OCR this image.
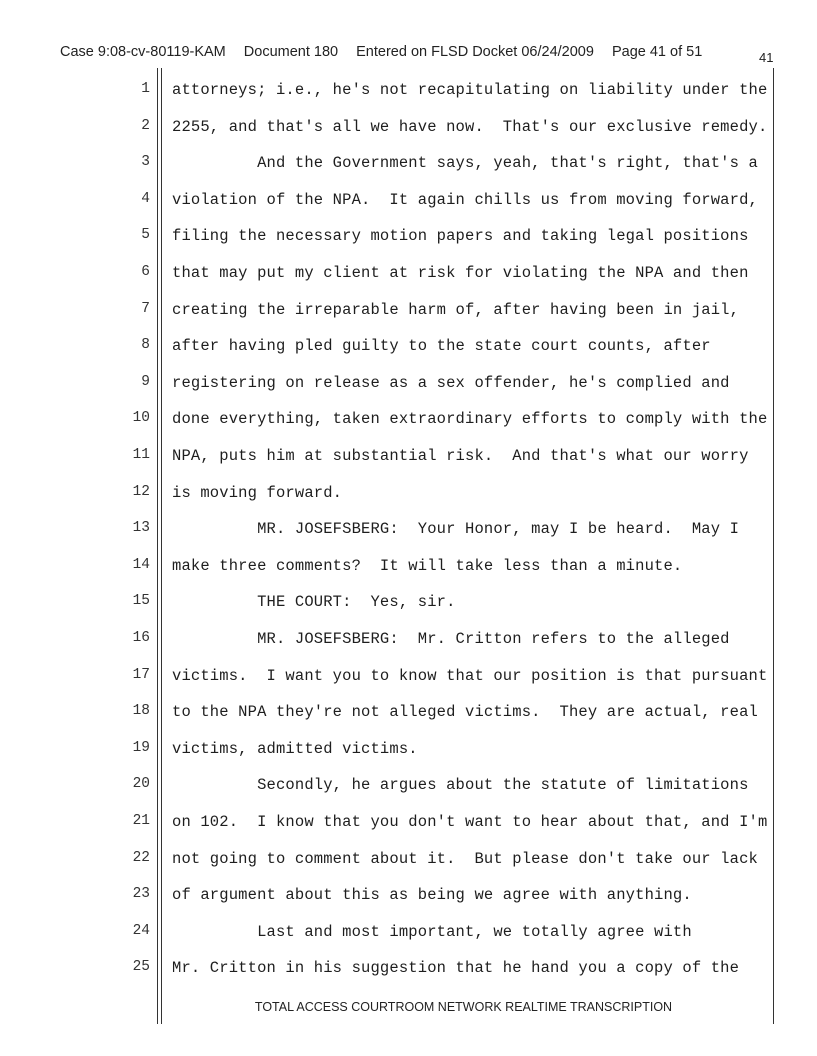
Case 9:08-cv-80119-KAM Document 180 Entered on FLSD Docket 06/24/2009 Page 41 of 51	41
1 attorneys; i.e., he's not recapitulating on liability under the
2 2255, and that's all we have now.  That's our exclusive remedy.
3 And the Government says, yeah, that's right, that's a
4 violation of the NPA.  It again chills us from moving forward,
5 filing the necessary motion papers and taking legal positions
6 that may put my client at risk for violating the NPA and then
7 creating the irreparable harm of, after having been in jail,
8 after having pled guilty to the state court counts, after
9 registering on release as a sex offender, he's complied and
10 done everything, taken extraordinary efforts to comply with the
11 NPA, puts him at substantial risk.  And that's what our worry
12 is moving forward.
13 MR. JOSEFSBERG:  Your Honor, may I be heard.  May I
14 make three comments?  It will take less than a minute.
15 THE COURT:  Yes, sir.
16 MR. JOSEFSBERG:  Mr. Critton refers to the alleged
17 victims.  I want you to know that our position is that pursuant
18 to the NPA they're not alleged victims.  They are actual, real
19 victims, admitted victims.
20 Secondly, he argues about the statute of limitations
21 on 102.  I know that you don't want to hear about that, and I'm
22 not going to comment about it.  But please don't take our lack
23 of argument about this as being we agree with anything.
24 Last and most important, we totally agree with
25 Mr. Critton in his suggestion that he hand you a copy of the
TOTAL ACCESS COURTROOM NETWORK REALTIME TRANSCRIPTION
